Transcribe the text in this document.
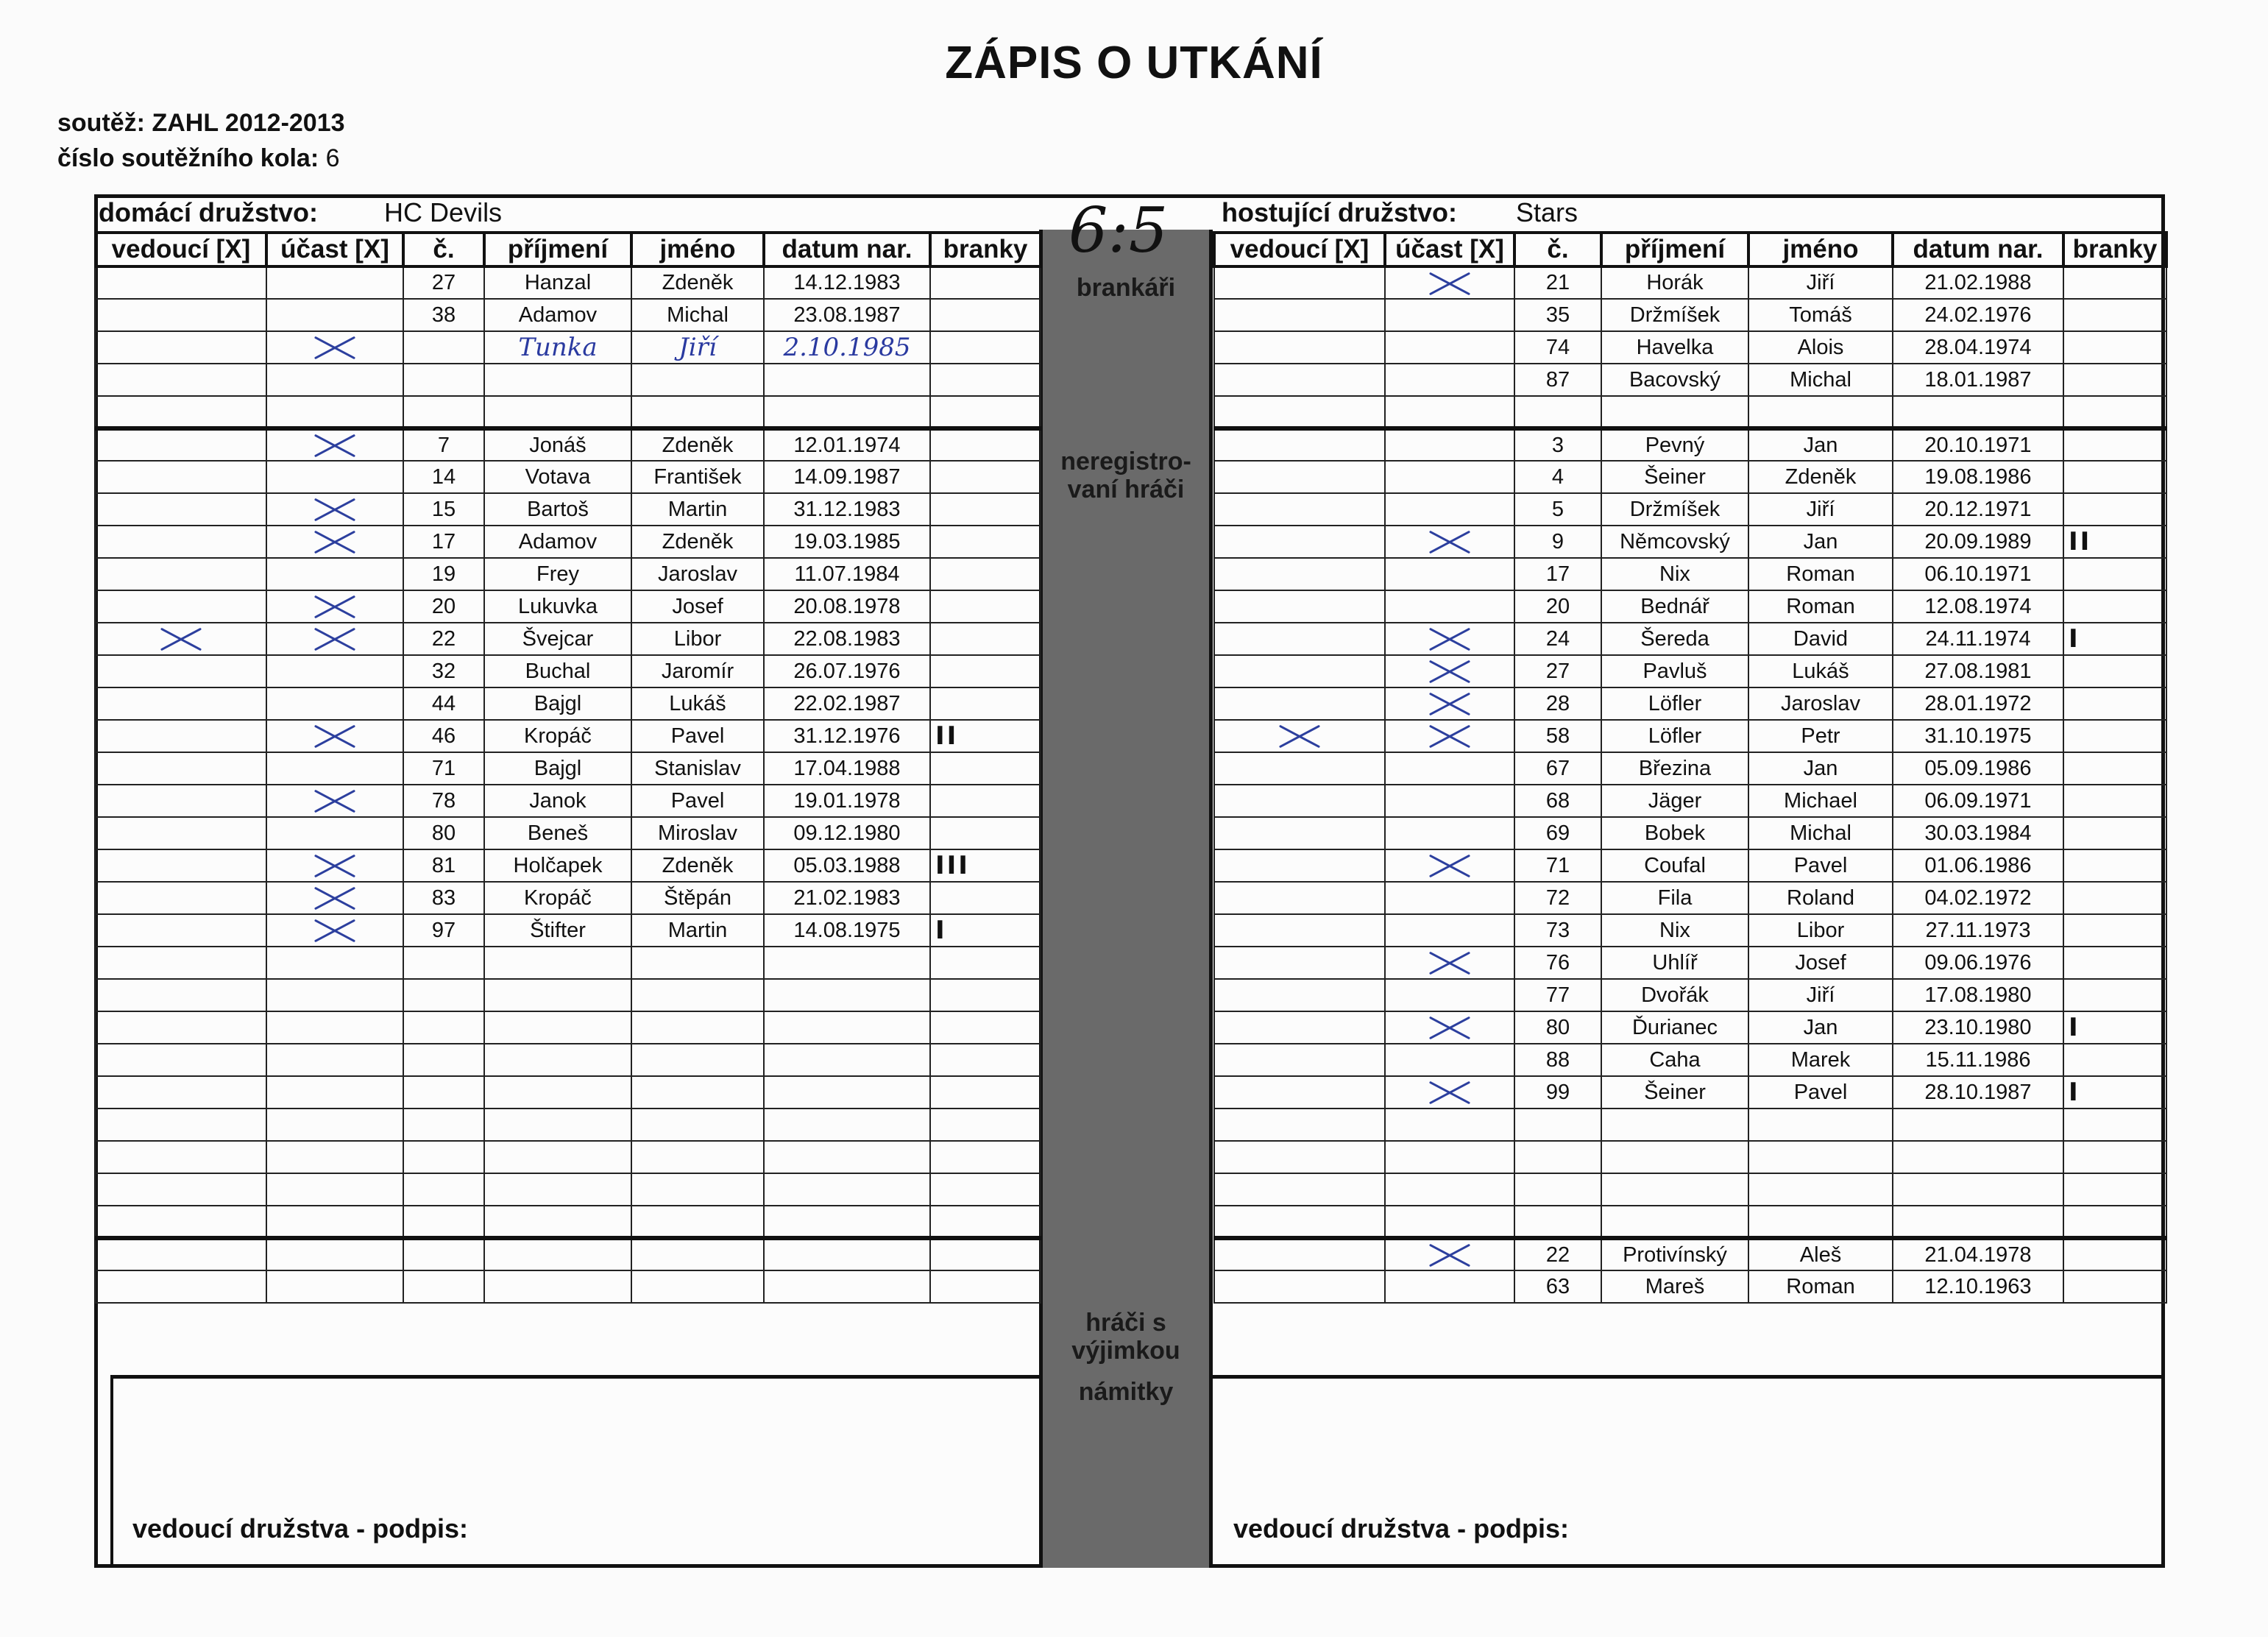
ZÁPIS O UTKÁNÍ
soutěž: ZAHL 2012-2013
číslo soutěžního kola: 6
brankáři
neregistro-vaní hráči
hráči s výjimkou
námitky
6:5
domácí družstvo:	HC Devils	hostující družstvo: Stars
vedoucí [X]	účast [X]	č.	příjmení	jméno	datum nar.	branky
		27	Hanzal	Zdeněk	14.12.1983	
		38	Adamov	Michal	23.08.1987	
			Tunka	Jiří	2.10.1985	

		7	Jonáš	Zdeněk	12.01.1974	
		14	Votava	František	14.09.1987	
		15	Bartoš	Martin	31.12.1983	
		17	Adamov	Zdeněk	19.03.1985	
		19	Frey	Jaroslav	11.07.1984	
		20	Lukuvka	Josef	20.08.1978	
		22	Švejcar	Libor	22.08.1983	
		32	Buchal	Jaromír	26.07.1976	
		44	Bajgl	Lukáš	22.02.1987	
		46	Kropáč	Pavel	31.12.1976	II
		71	Bajgl	Stanislav	17.04.1988	
		78	Janok	Pavel	19.01.1978	
		80	Beneš	Miroslav	09.12.1980	
		81	Holčapek	Zdeněk	05.03.1988	III
		83	Kropáč	Štěpán	21.02.1983	
		97	Štifter	Martin	14.08.1975	I

vedoucí [X]	účast [X]	č.	příjmení	jméno	datum nar.	branky
		21	Horák	Jiří	21.02.1988	
		35	Držmíšek	Tomáš	24.02.1976	
		74	Havelka	Alois	28.04.1974	
		87	Bacovský	Michal	18.01.1987	

		3	Pevný	Jan	20.10.1971	
		4	Šeiner	Zdeněk	19.08.1986	
		5	Držmíšek	Jiří	20.12.1971	
		9	Němcovský	Jan	20.09.1989	II
		17	Nix	Roman	06.10.1971	
		20	Bednář	Roman	12.08.1974	
		24	Šereda	David	24.11.1974	I
		27	Pavluš	Lukáš	27.08.1981	
		28	Löfler	Jaroslav	28.01.1972	
		58	Löfler	Petr	31.10.1975	
		67	Březina	Jan	05.09.1986	
		68	Jäger	Michael	06.09.1971	
		69	Bobek	Michal	30.03.1984	
		71	Coufal	Pavel	01.06.1986	
		72	Fila	Roland	04.02.1972	
		73	Nix	Libor	27.11.1973	
		76	Uhlíř	Josef	09.06.1976	
		77	Dvořák	Jiří	17.08.1980	
		80	Ďurianec	Jan	23.10.1980	I
		88	Caha	Marek	15.11.1986	
		99	Šeiner	Pavel	28.10.1987	I

		22	Protivínský	Aleš	21.04.1978	
		63	Mareš	Roman	12.10.1963	
vedoucí družstva - podpis:	vedoucí družstva - podpis:
